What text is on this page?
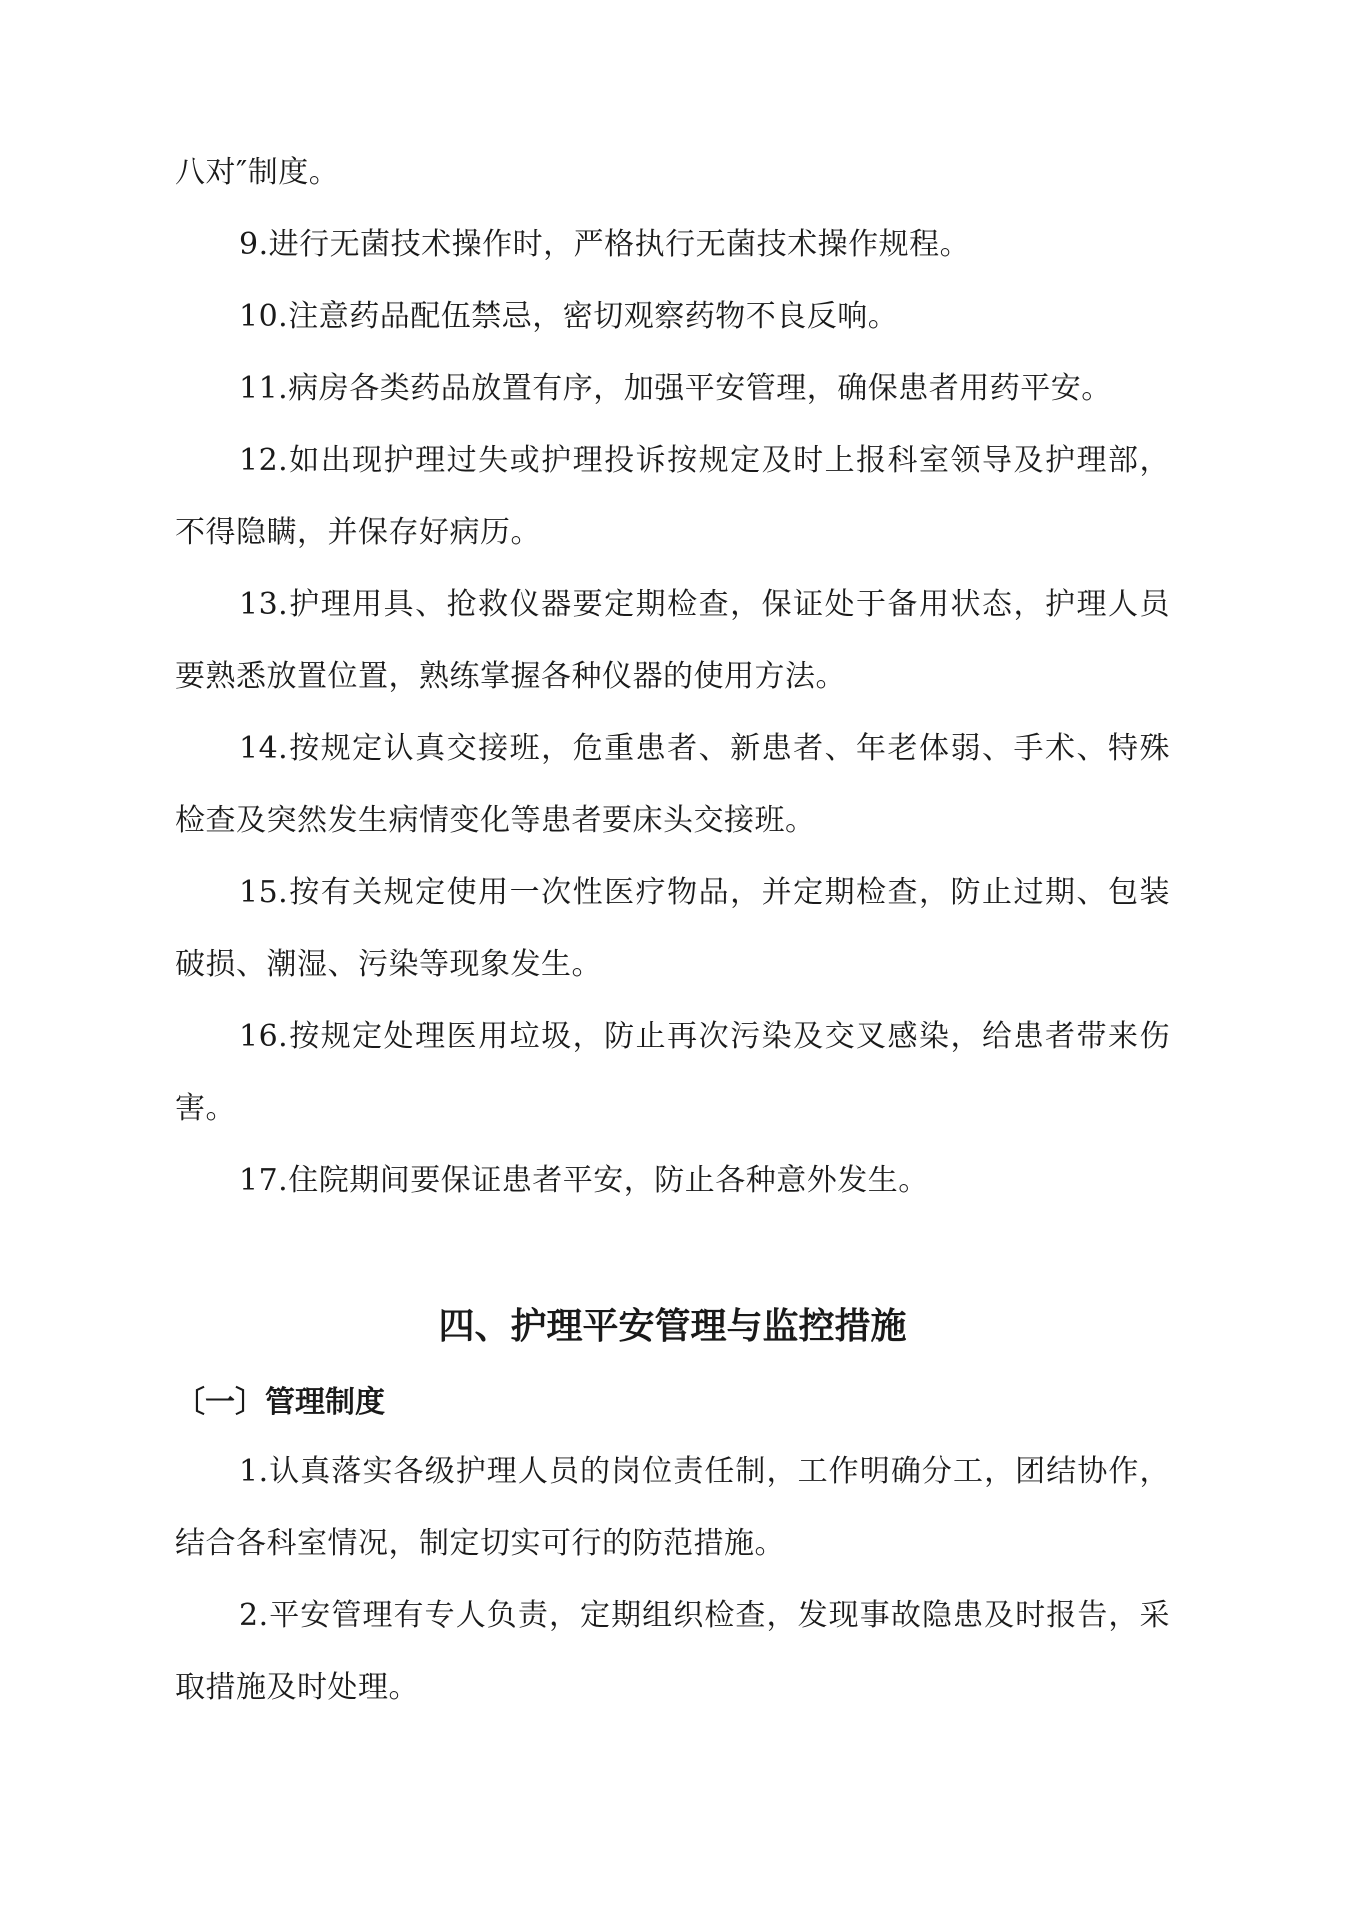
八对″制度。

9.进行无菌技术操作时，严格执行无菌技术操作规程。

10.注意药品配伍禁忌，密切观察药物不良反响。

11.病房各类药品放置有序，加强平安管理，确保患者用药平安。

12.如出现护理过失或护理投诉按规定及时上报科室领导及护理部，不得隐瞒，并保存好病历。

13.护理用具、抢救仪器要定期检查，保证处于备用状态，护理人员要熟悉放置位置，熟练掌握各种仪器的使用方法。

14.按规定认真交接班，危重患者、新患者、年老体弱、手术、特殊检查及突然发生病情变化等患者要床头交接班。

15.按有关规定使用一次性医疗物品，并定期检查，防止过期、包装破损、潮湿、污染等现象发生。

16.按规定处理医用垃圾，防止再次污染及交叉感染，给患者带来伤害。

17.住院期间要保证患者平安，防止各种意外发生。

四、护理平安管理与监控措施
〔一〕管理制度

1.认真落实各级护理人员的岗位责任制，工作明确分工，团结协作，结合各科室情况，制定切实可行的防范措施。

2.平安管理有专人负责，定期组织检查，发现事故隐患及时报告，采取措施及时处理。
